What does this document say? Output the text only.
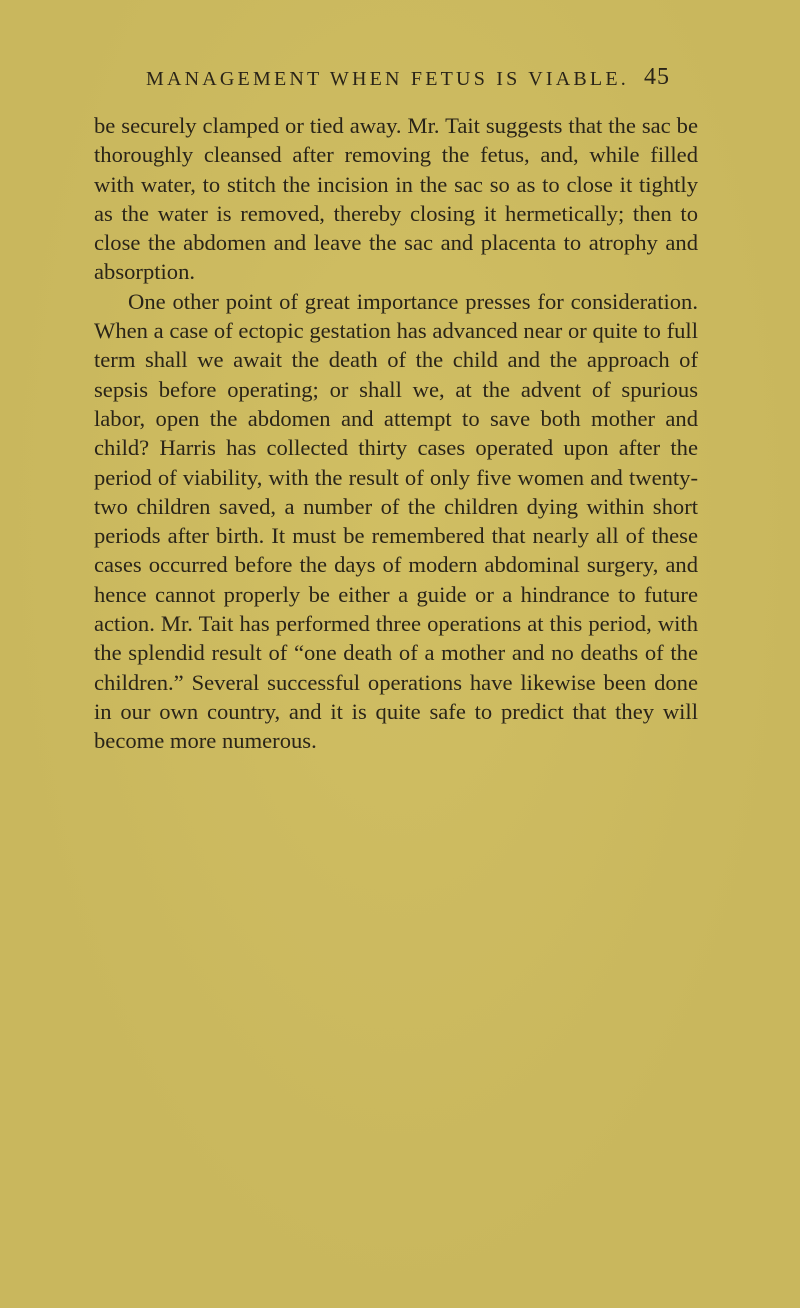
MANAGEMENT WHEN FETUS IS VIABLE. 45

be securely clamped or tied away. Mr. Tait suggests that the sac be thoroughly cleansed after removing the fetus, and, while filled with water, to stitch the incision in the sac so as to close it tightly as the water is removed, thereby closing it hermetically; then to close the abdomen and leave the sac and placenta to atrophy and absorption.

One other point of great importance presses for consideration. When a case of ectopic gestation has advanced near or quite to full term shall we await the death of the child and the approach of sepsis before operating; or shall we, at the advent of spurious labor, open the abdomen and attempt to save both mother and child? Harris has collected thirty cases operated upon after the period of viability, with the result of only five women and twenty-two children saved, a number of the children dying within short periods after birth. It must be remembered that nearly all of these cases occurred before the days of modern abdominal surgery, and hence cannot properly be either a guide or a hindrance to future action. Mr. Tait has performed three operations at this period, with the splendid result of “one death of a mother and no deaths of the children.” Several successful operations have likewise been done in our own country, and it is quite safe to predict that they will become more numerous.
